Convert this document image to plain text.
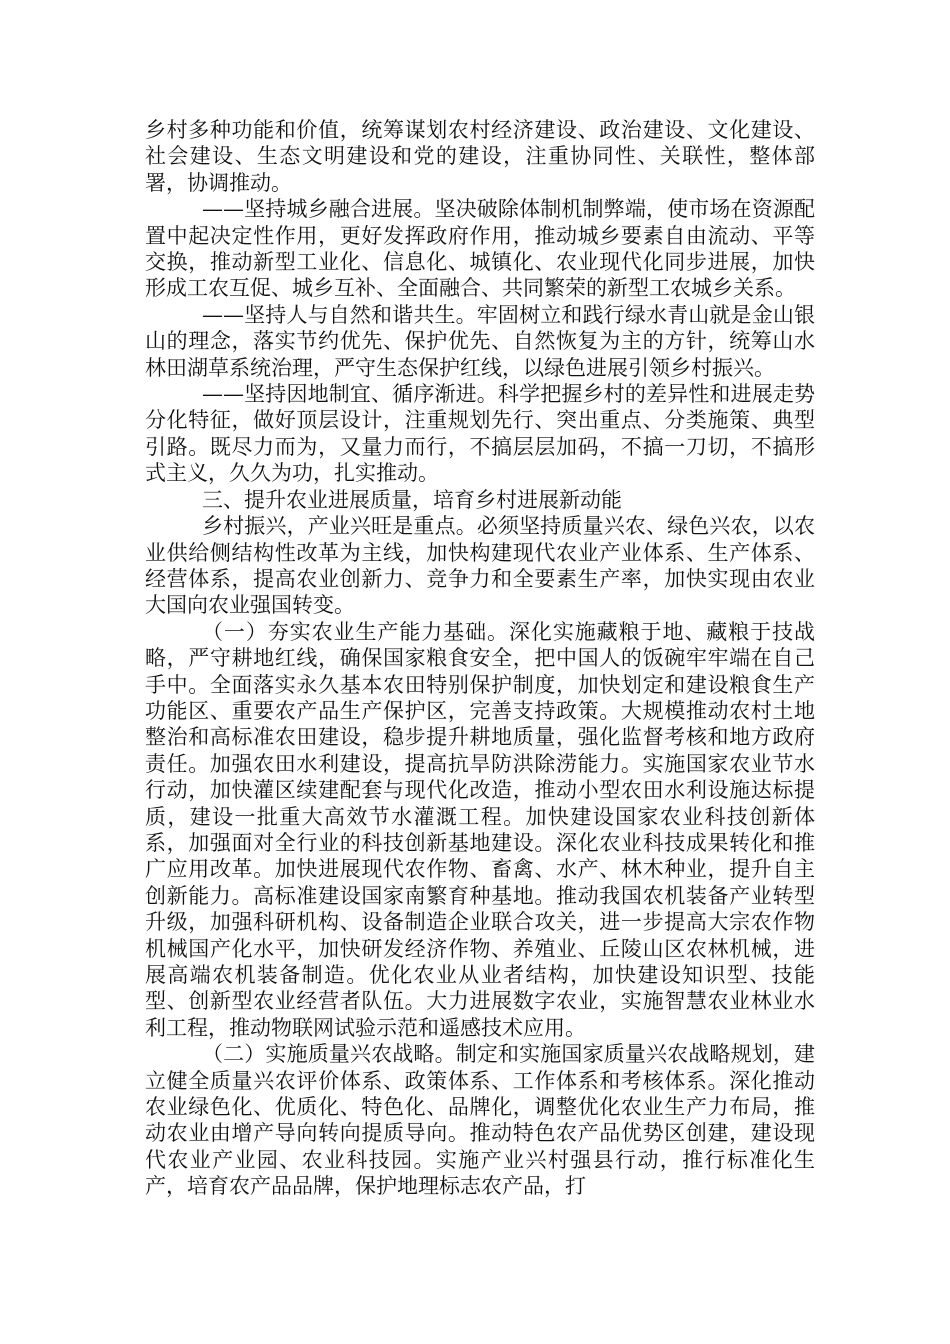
乡村多种功能和价值，统筹谋划农村经济建设、政治建设、文化建设、社会建设、生态文明建设和党的建设，注重协同性、关联性，整体部署，协调推动。

——坚持城乡融合进展。坚决破除体制机制弊端，使市场在资源配置中起决定性作用，更好发挥政府作用，推动城乡要素自由流动、平等交换，推动新型工业化、信息化、城镇化、农业现代化同步进展，加快形成工农互促、城乡互补、全面融合、共同繁荣的新型工农城乡关系。

——坚持人与自然和谐共生。牢固树立和践行绿水青山就是金山银山的理念，落实节约优先、保护优先、自然恢复为主的方针，统筹山水林田湖草系统治理，严守生态保护红线，以绿色进展引领乡村振兴。

——坚持因地制宜、循序渐进。科学把握乡村的差异性和进展走势分化特征，做好顶层设计，注重规划先行、突出重点、分类施策、典型引路。既尽力而为，又量力而行，不搞层层加码，不搞一刀切，不搞形式主义，久久为功，扎实推动。

三、提升农业进展质量，培育乡村进展新动能

乡村振兴，产业兴旺是重点。必须坚持质量兴农、绿色兴农，以农业供给侧结构性改革为主线，加快构建现代农业产业体系、生产体系、经营体系，提高农业创新力、竞争力和全要素生产率，加快实现由农业大国向农业强国转变。

（一）夯实农业生产能力基础。深化实施藏粮于地、藏粮于技战略，严守耕地红线，确保国家粮食安全，把中国人的饭碗牢牢端在自己手中。全面落实永久基本农田特别保护制度，加快划定和建设粮食生产功能区、重要农产品生产保护区，完善支持政策。大规模推动农村土地整治和高标准农田建设，稳步提升耕地质量，强化监督考核和地方政府责任。加强农田水利建设，提高抗旱防洪除涝能力。实施国家农业节水行动，加快灌区续建配套与现代化改造，推动小型农田水利设施达标提质，建设一批重大高效节水灌溉工程。加快建设国家农业科技创新体系，加强面对全行业的科技创新基地建设。深化农业科技成果转化和推广应用改革。加快进展现代农作物、畜禽、水产、林木种业，提升自主创新能力。高标准建设国家南繁育种基地。推动我国农机装备产业转型升级，加强科研机构、设备制造企业联合攻关，进一步提高大宗农作物机械国产化水平，加快研发经济作物、养殖业、丘陵山区农林机械，进展高端农机装备制造。优化农业从业者结构，加快建设知识型、技能型、创新型农业经营者队伍。大力进展数字农业，实施智慧农业林业水利工程，推动物联网试验示范和遥感技术应用。

（二）实施质量兴农战略。制定和实施国家质量兴农战略规划，建立健全质量兴农评价体系、政策体系、工作体系和考核体系。深化推动农业绿色化、优质化、特色化、品牌化，调整优化农业生产力布局，推动农业由增产导向转向提质导向。推动特色农产品优势区创建，建设现代农业产业园、农业科技园。实施产业兴村强县行动，推行标准化生产，培育农产品品牌，保护地理标志农产品，打
